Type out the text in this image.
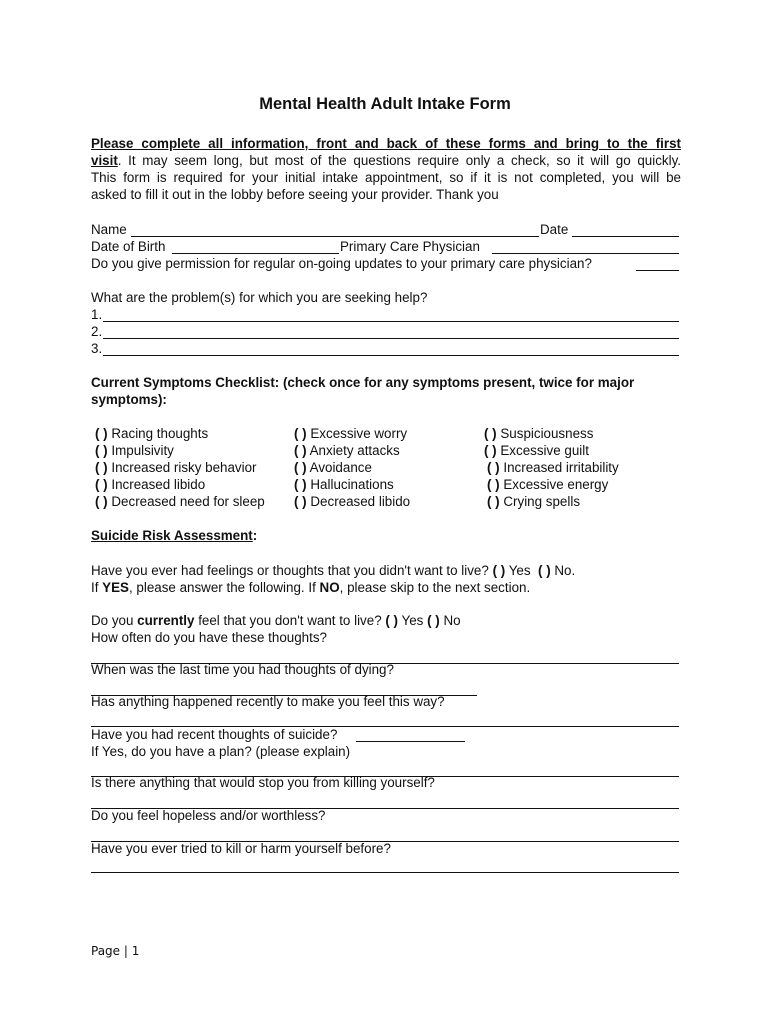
Mental Health Adult Intake Form
Please complete all information, front and back of these forms and bring to the first
visit. It may seem long, but most of the questions require only a check, so it will go quickly.
This form is required for your initial intake appointment, so if it is not completed, you will be
asked to fill it out in the lobby before seeing your provider. Thank you
Name	Date
Date of Birth	Primary Care Physician
Do you give permission for regular on-going updates to your primary care physician?
What are the problem(s) for which you are seeking help?
1.
2.
3.
Current Symptoms Checklist: (check once for any symptoms present, twice for major
symptoms):
( ) Racing thoughts
( ) Impulsivity
( ) Increased risky behavior
( ) Increased libido
( ) Decreased need for sleep
( ) Excessive worry
( ) Anxiety attacks
( ) Avoidance
( ) Hallucinations
( ) Decreased libido
( ) Suspiciousness
( ) Excessive guilt
( ) Increased irritability
( ) Excessive energy
( ) Crying spells
Suicide Risk Assessment:
Have you ever had feelings or thoughts that you didn't want to live? ( ) Yes ( ) No.
If YES, please answer the following. If NO, please skip to the next section.
Do you currently feel that you don't want to live? ( ) Yes ( ) No
How often do you have these thoughts?
When was the last time you had thoughts of dying?
Has anything happened recently to make you feel this way?
Have you had recent thoughts of suicide?
If Yes, do you have a plan? (please explain)
Is there anything that would stop you from killing yourself?
Do you feel hopeless and/or worthless?
Have you ever tried to kill or harm yourself before?
Page | 1
